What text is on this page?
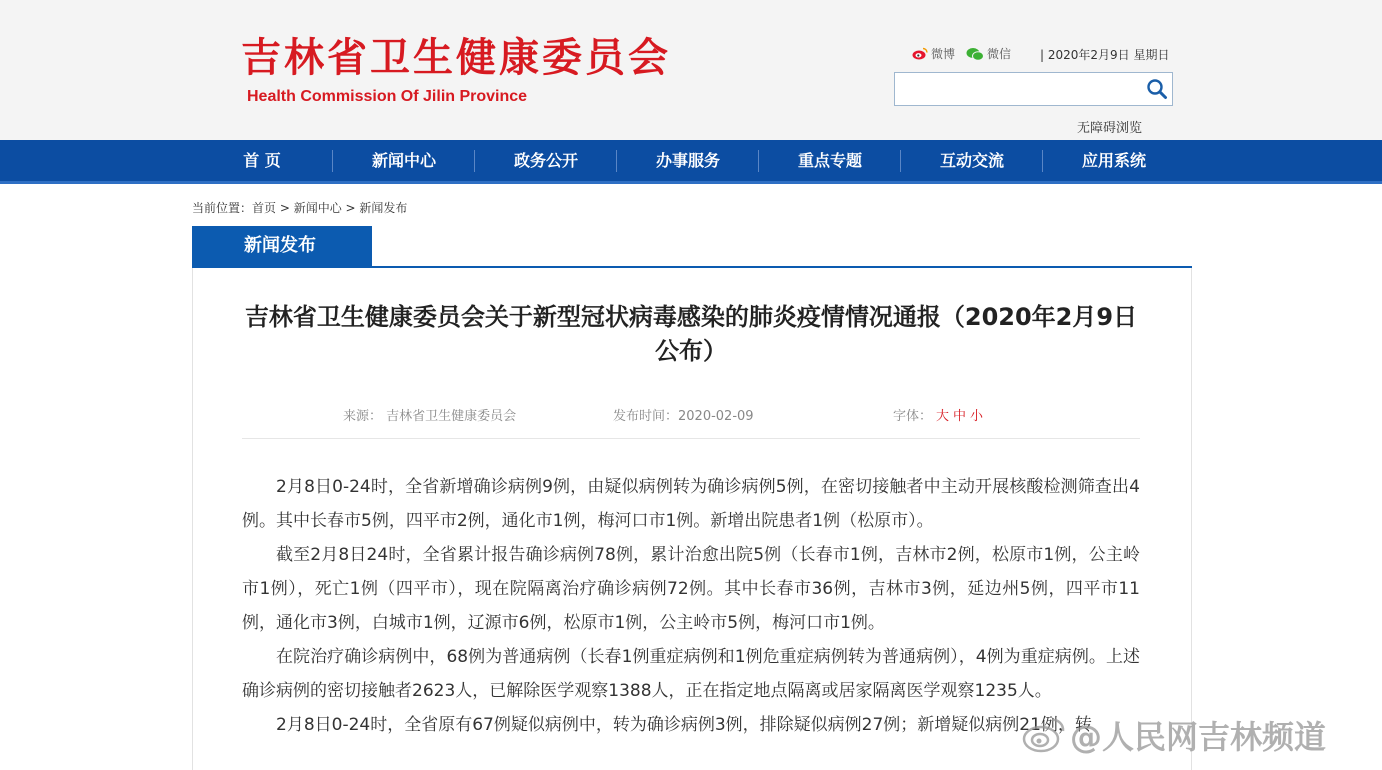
吉林省卫生健康委员会
Health Commission Of Jilin Province
微博	微信 | 2020年2月9日 星期日
无障碍浏览
首 页	新闻中心	政务公开	办事服务	重点专题	互动交流	应用系统
当前位置：首页 > 新闻中心 > 新闻发布
新闻发布
吉林省卫生健康委员会关于新型冠状病毒感染的肺炎疫情情况通报（2020年2月9日公布）
来源： 吉林省卫生健康委员会	发布时间：2020-02-09	字体： 大 中 小

2月8日0-24时，全省新增确诊病例9例，由疑似病例转为确诊病例5例，在密切接触者中主动开展核酸检测筛查出4例。其中长春市5例，四平市2例，通化市1例，梅河口市1例。新增出院患者1例（松原市）。

截至2月8日24时，全省累计报告确诊病例78例，累计治愈出院5例（长春市1例，吉林市2例，松原市1例，公主岭市1例），死亡1例（四平市），现在院隔离治疗确诊病例72例。其中长春市36例，吉林市3例，延边州5例，四平市11例，通化市3例，白城市1例，辽源市6例，松原市1例，公主岭市5例，梅河口市1例。

在院治疗确诊病例中，68例为普通病例（长春1例重症病例和1例危重症病例转为普通病例），4例为重症病例。上述确诊病例的密切接触者2623人，已解除医学观察1388人，正在指定地点隔离或居家隔离医学观察1235人。

2月8日0-24时，全省原有67例疑似病例中，转为确诊病例3例，排除疑似病例27例；新增疑似病例21例，转

@人民网吉林频道
